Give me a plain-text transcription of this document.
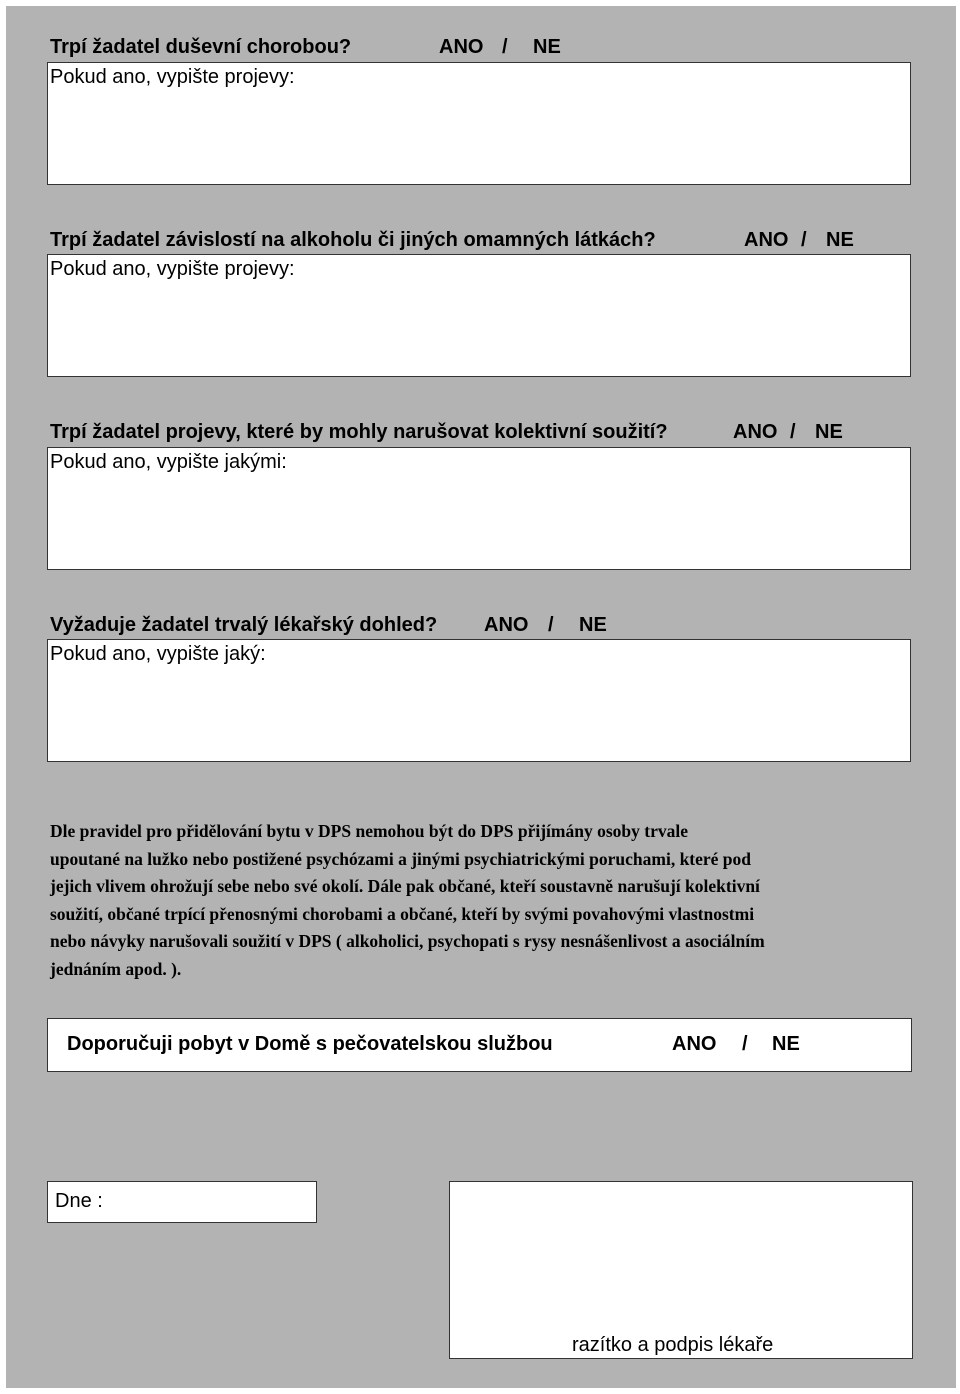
Trpí žadatel duševní chorobou?	ANO / NE
Pokud ano, vypište projevy:
Trpí žadatel závislostí na alkoholu či jiných omamných látkách?	ANO / NE
Pokud ano, vypište projevy:
Trpí žadatel projevy, které by mohly narušovat kolektivní soužití?	ANO / NE
Pokud ano, vypište jakými:
Vyžaduje žadatel trvalý lékařský dohled? ANO / NE
Pokud ano, vypište jaký:

Dle pravidel pro přidělování bytu v DPS nemohou být do DPS přijímány osoby trvale
upoutané na lužko nebo postižené psychózami a jinými psychiatrickými poruchami, které pod
jejich vlivem ohrožují sebe nebo své okolí. Dále pak občané, kteří soustavně narušují kolektivní
soužití, občané trpící přenosnými chorobami a občané, kteří by svými povahovými vlastnostmi
nebo návyky narušovali soužití v DPS ( alkoholici, psychopati s rysy nesnášenlivost a asociálním
jednáním apod. ).

Doporučuji pobyt v Domě s pečovatelskou službou	ANO / NE
Dne :
razítko a podpis lékaře
